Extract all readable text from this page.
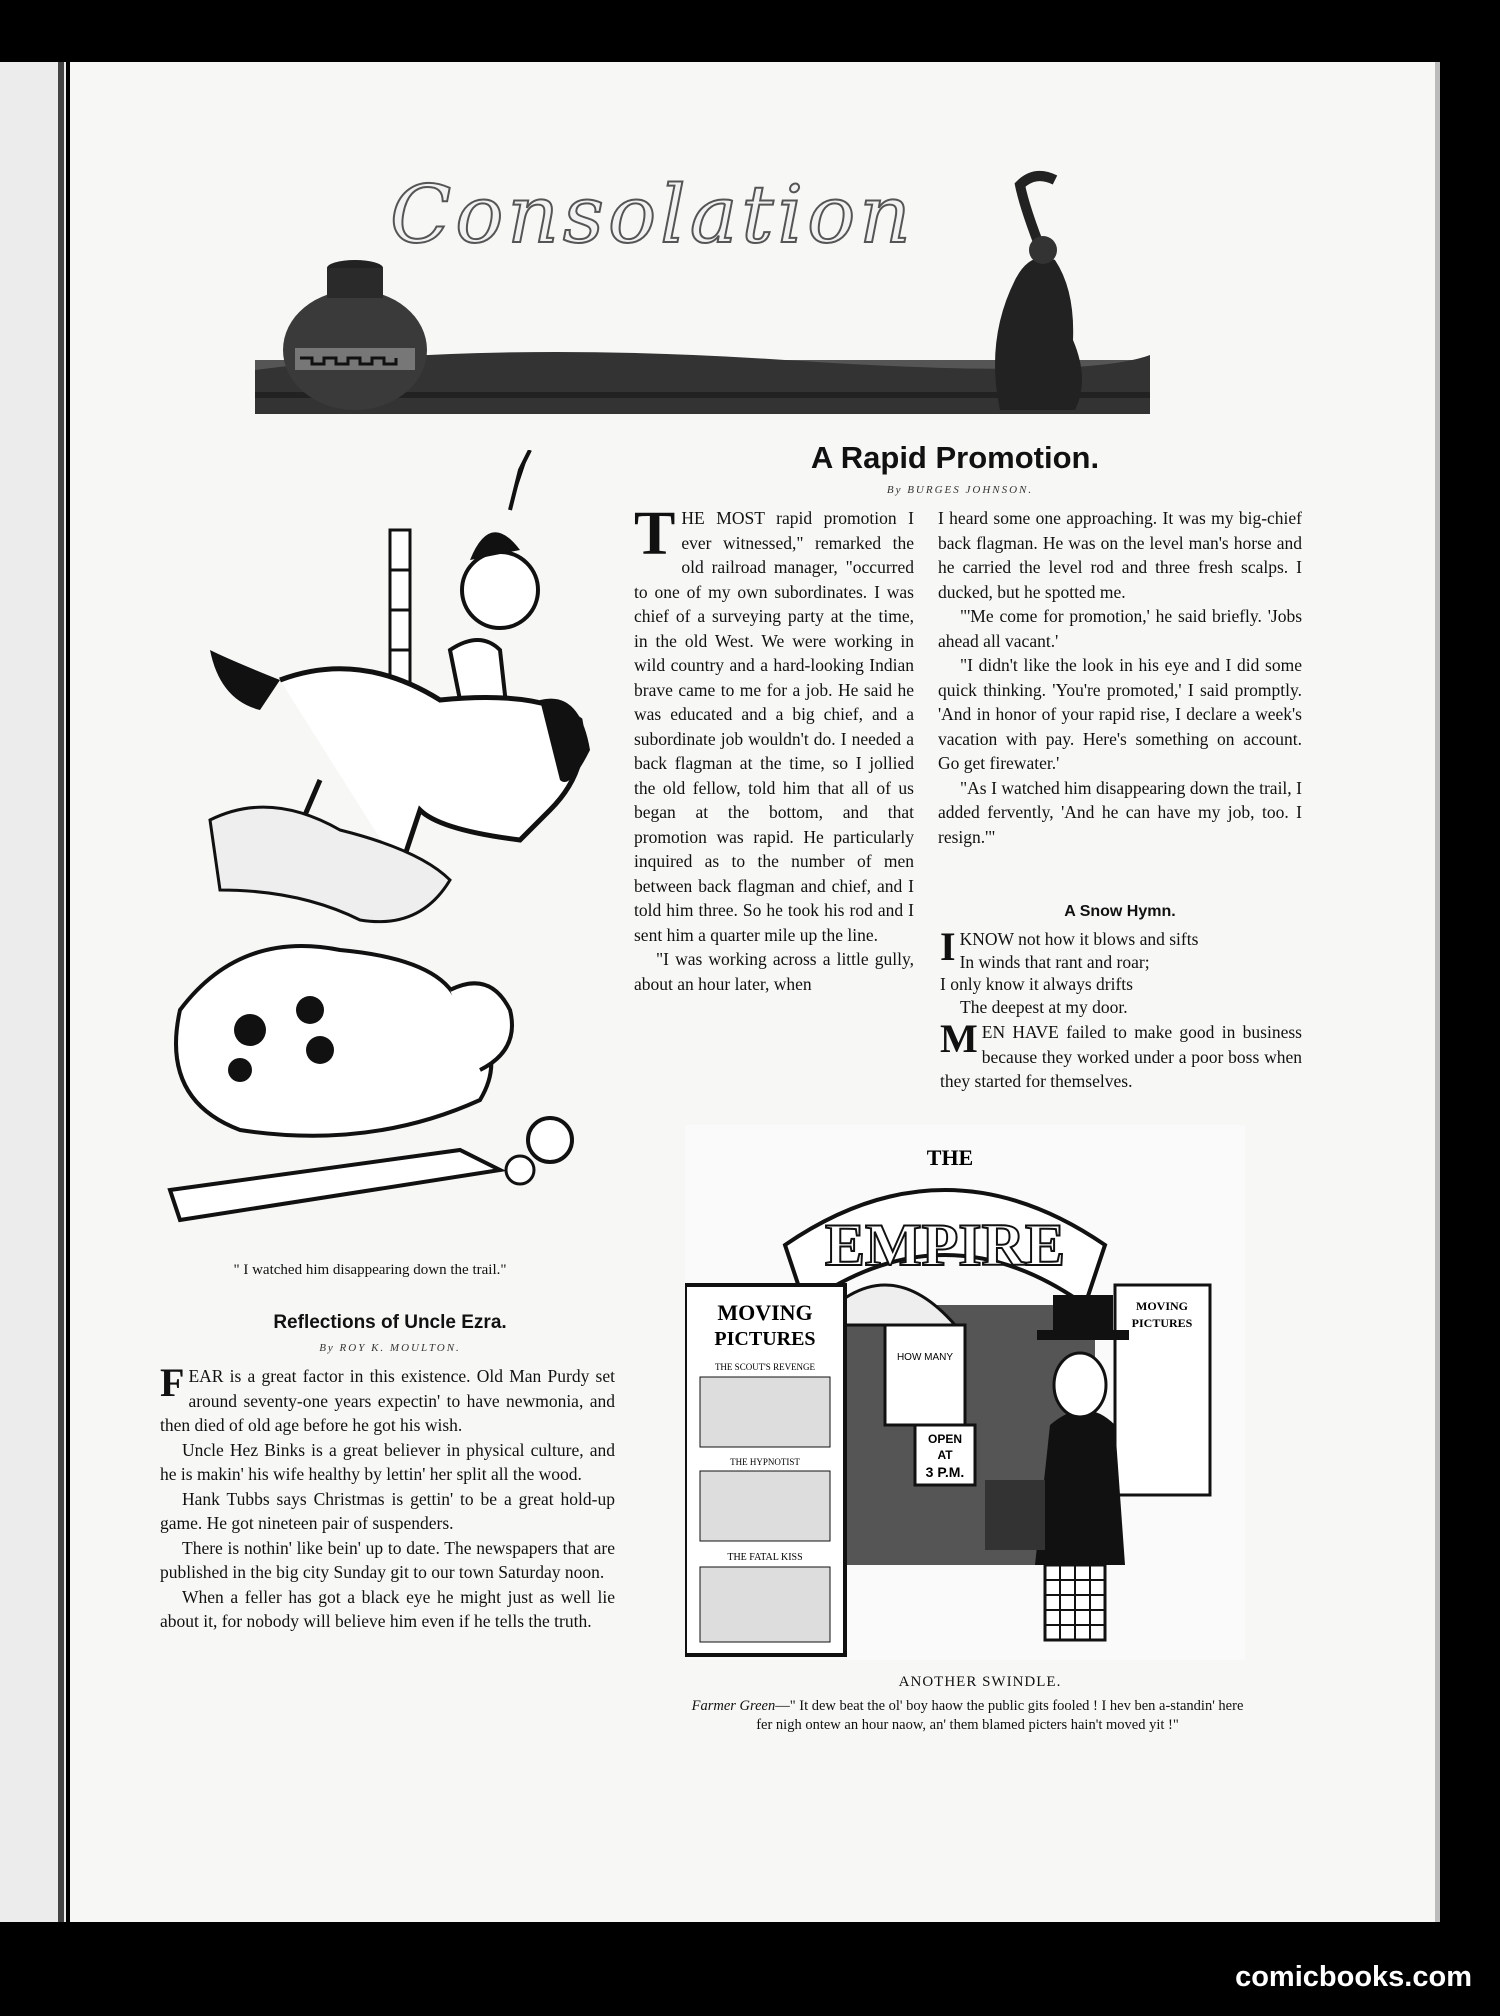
Consolation
" I watched him disappearing down the trail."
A Rapid Promotion.
By BURGES JOHNSON.

THE MOST rapid promotion I ever witnessed," remarked the old railroad manager, "occurred to one of my own subordinates. I was chief of a surveying party at the time, in the old West. We were working in wild country and a hard-looking Indian brave came to me for a job. He said he was educated and a big chief, and a subordinate job wouldn't do. I needed a back flagman at the time, so I jollied the old fellow, told him that all of us began at the bottom, and that promotion was rapid. He particularly inquired as to the number of men between back flagman and chief, and I told him three. So he took his rod and I sent him a quarter mile up the line.

"I was working across a little gully, about an hour later, when

I heard some one approaching. It was my big-chief back flagman. He was on the level man's horse and he carried the level rod and three fresh scalps. I ducked, but he spotted me.

"'Me come for promotion,' he said briefly. 'Jobs ahead all vacant.'

"I didn't like the look in his eye and I did some quick thinking. 'You're promoted,' I said promptly. 'And in honor of your rapid rise, I declare a week's vacation with pay. Here's something on account. Go get firewater.'

"As I watched him disappearing down the trail, I added fervently, 'And he can have my job, too. I resign.'"

A Snow Hymn.
I KNOW not how it blows and sifts
In winds that rant and roar;
I only know it always drifts
The deepest at my door.

MEN HAVE failed to make good in business because they worked under a poor boss when they started for themselves.

Reflections of Uncle Ezra.
By ROY K. MOULTON.

FEAR is a great factor in this existence. Old Man Purdy set around seventy-one years expectin' to have newmonia, and then died of old age before he got his wish.

Uncle Hez Binks is a great believer in physical culture, and he is makin' his wife healthy by lettin' her split all the wood.

Hank Tubbs says Christmas is gettin' to be a great hold-up game. He got nineteen pair of suspenders.

There is nothin' like bein' up to date. The newspapers that are published in the big city Sunday git to our town Saturday noon.

When a feller has got a black eye he might just as well lie about it, for nobody will believe him even if he tells the truth.

THE
EMPIRE
HOW MANY
OPEN
AT
3 P.M.
MOVING
PICTURES
THE SCOUT'S REVENGE
THE HYPNOTIST
THE FATAL KISS
MOVING
PICTURES
ANOTHER SWINDLE.
Farmer Green—" It dew beat the ol' boy haow the public gits fooled ! I hev ben a-standin' here fer nigh ontew an hour naow, an' them blamed picters hain't moved yit !"
comicbooks.com
